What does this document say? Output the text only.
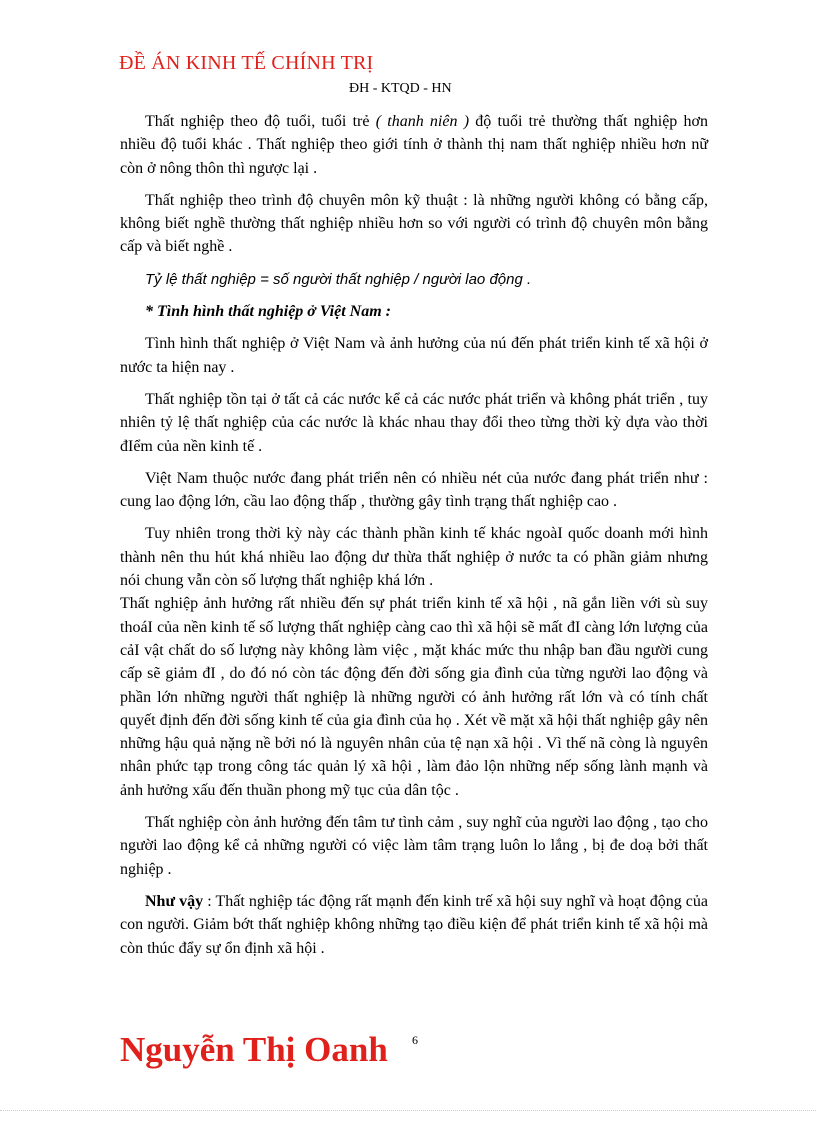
ĐỀ ÁN KINH TẾ CHÍNH TRỊ
ĐH - KTQD - HN

Thất nghiệp theo độ tuổi, tuổi trẻ ( thanh niên ) độ tuổi trẻ thường thất nghiệp hơn nhiều độ tuổi khác . Thất nghiệp theo giới tính ở thành thị nam thất nghiệp nhiều hơn nữ còn ở nông thôn thì ngược lại .

Thất nghiệp theo trình độ chuyên môn kỹ thuật : là những người không có bằng cấp, không biết nghề thường thất nghiệp nhiều hơn so với người có trình độ chuyên môn bằng cấp và biết nghề .

Tỷ lệ thất nghiệp = số người thất nghiệp / người lao động .

* Tình hình thất nghiệp ở Việt Nam :

Tình hình thất nghiệp ở Việt Nam và ảnh hưởng của nú đến phát triển kinh tế xã hội ở nước ta hiện nay .

Thất nghiệp tồn tại ở tất cả các nước kể cả các nước phát triển và không phát triển , tuy nhiên tỷ lệ thất nghiệp của các nước là khác nhau thay đổi theo từng thời kỳ dựa vào thời đIểm của nền kinh tế .

Việt Nam thuộc nước đang phát triển nên có nhiều nét của nước đang phát triển như : cung lao động lớn, cầu lao động thấp , thường gây tình trạng thất nghiệp cao .

Tuy nhiên trong thời kỳ này các thành phần kinh tế khác ngoàI quốc doanh mới hình thành nên thu hút khá nhiều lao động dư thừa thất nghiệp ở nước ta có phần giảm nhưng nói chung vẫn còn số lượng thất nghiệp khá lớn .

Thất nghiệp ảnh hưởng rất nhiều đến sự phát triển kinh tế xã hội , nã gắn liền với sù suy thoáI của nền kinh tế số lượng thất nghiệp càng cao thì xã hội sẽ mất đI càng lớn lượng của cảI vật chất do số lượng này không làm việc , mặt khác mức thu nhập ban đầu người cung cấp sẽ giảm đI , do đó nó còn tác động đến đời sống gia đình của từng người lao động và phần lớn những người thất nghiệp là những người có ảnh hưởng rất lớn và có tính chất quyết định đến đời sống kinh tế của gia đình của họ . Xét về mặt xã hội thất nghiệp gây nên những hậu quả nặng nề bởi nó là nguyên nhân của tệ nạn xã hội . Vì thế nã còng là nguyên nhân phức tạp trong công tác quản lý xã hội , làm đảo lộn những nếp sống lành mạnh và ảnh hưởng xấu đến thuần phong mỹ tục của dân tộc .

Thất nghiệp còn ảnh hưởng đến tâm tư tình cảm , suy nghĩ của người lao động , tạo cho người lao động kể cả những người có việc làm tâm trạng luôn lo lắng , bị đe doạ bởi thất nghiệp .

Như vậy : Thất nghiệp tác động rất mạnh đến kinh trế xã hội suy nghĩ và hoạt động của con người. Giảm bớt thất nghiệp không những tạo điều kiện để phát triển kinh tế xã hội mà còn thúc đẩy sự ổn định xã hội .

Nguyễn Thị Oanh 6
